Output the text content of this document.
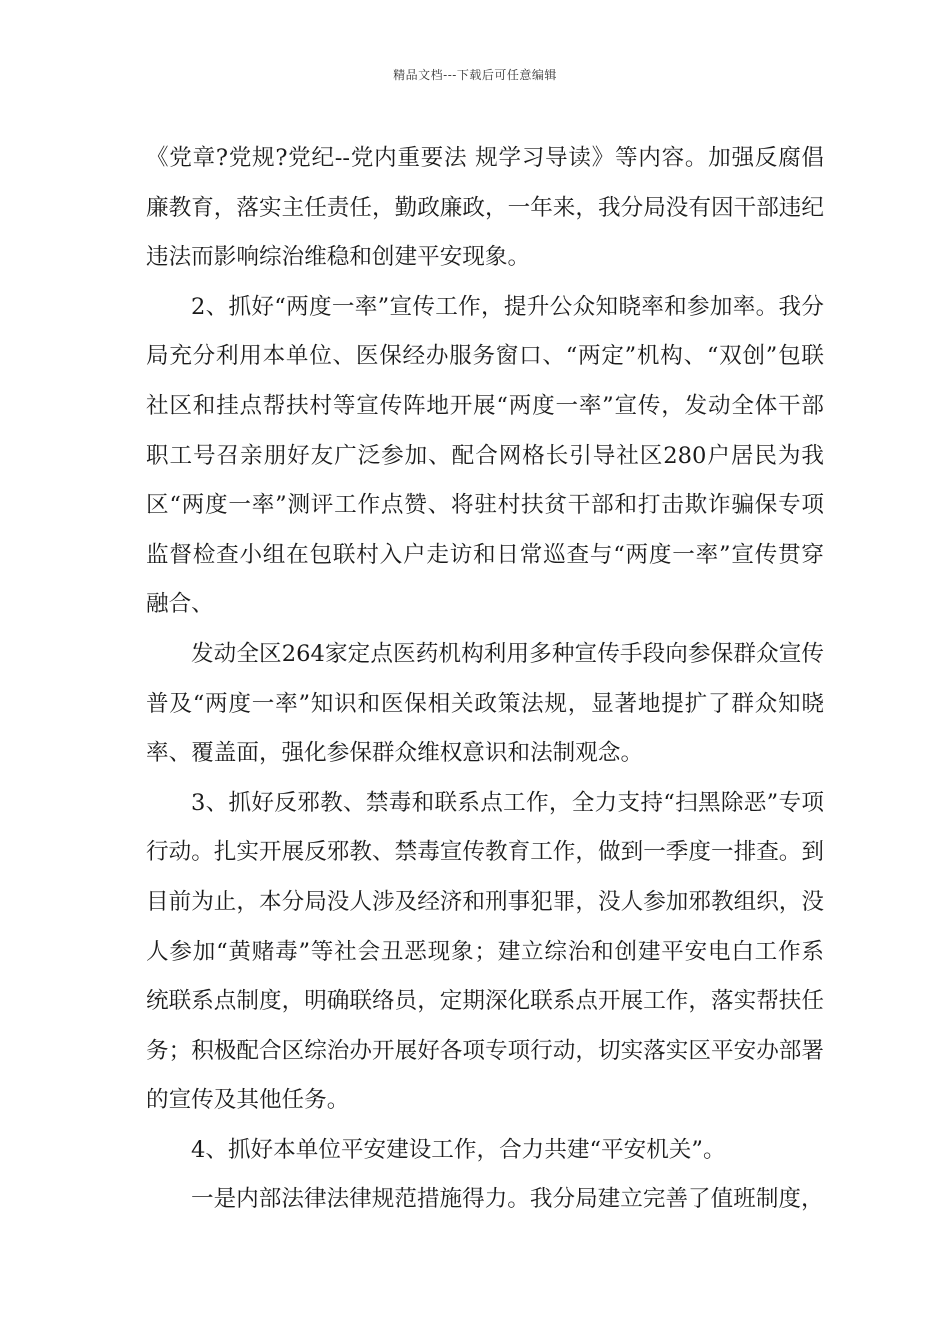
精品文档---下载后可任意编辑

《党章?党规?党纪--党内重要法 规学习导读》等内容。加强反腐倡廉教育，落实主任责任，勤政廉政，一年来，我分局没有因干部违纪违法而影响综治维稳和创建平安现象。

2、抓好“两度一率”宣传工作，提升公众知晓率和参加率。我分局充分利用本单位、医保经办服务窗口、“两定”机构、“双创”包联社区和挂点帮扶村等宣传阵地开展“两度一率”宣传，发动全体干部职工号召亲朋好友广泛参加、配合网格长引导社区280户居民为我区“两度一率”测评工作点赞、将驻村扶贫干部和打击欺诈骗保专项监督检查小组在包联村入户走访和日常巡查与“两度一率”宣传贯穿融合、

发动全区264家定点医药机构利用多种宣传手段向参保群众宣传普及“两度一率”知识和医保相关政策法规，显著地提扩了群众知晓率、覆盖面，强化参保群众维权意识和法制观念。

3、抓好反邪教、禁毒和联系点工作，全力支持“扫黑除恶”专项行动。扎实开展反邪教、禁毒宣传教育工作，做到一季度一排查。到目前为止，本分局没人涉及经济和刑事犯罪，没人参加邪教组织，没人参加“黄赌毒”等社会丑恶现象；建立综治和创建平安电白工作系统联系点制度，明确联络员，定期深化联系点开展工作，落实帮扶任务；积极配合区综治办开展好各项专项行动，切实落实区平安办部署的宣传及其他任务。

4、抓好本单位平安建设工作，合力共建“平安机关”。

一是内部法律法律规范措施得力。我分局建立完善了值班制度，
